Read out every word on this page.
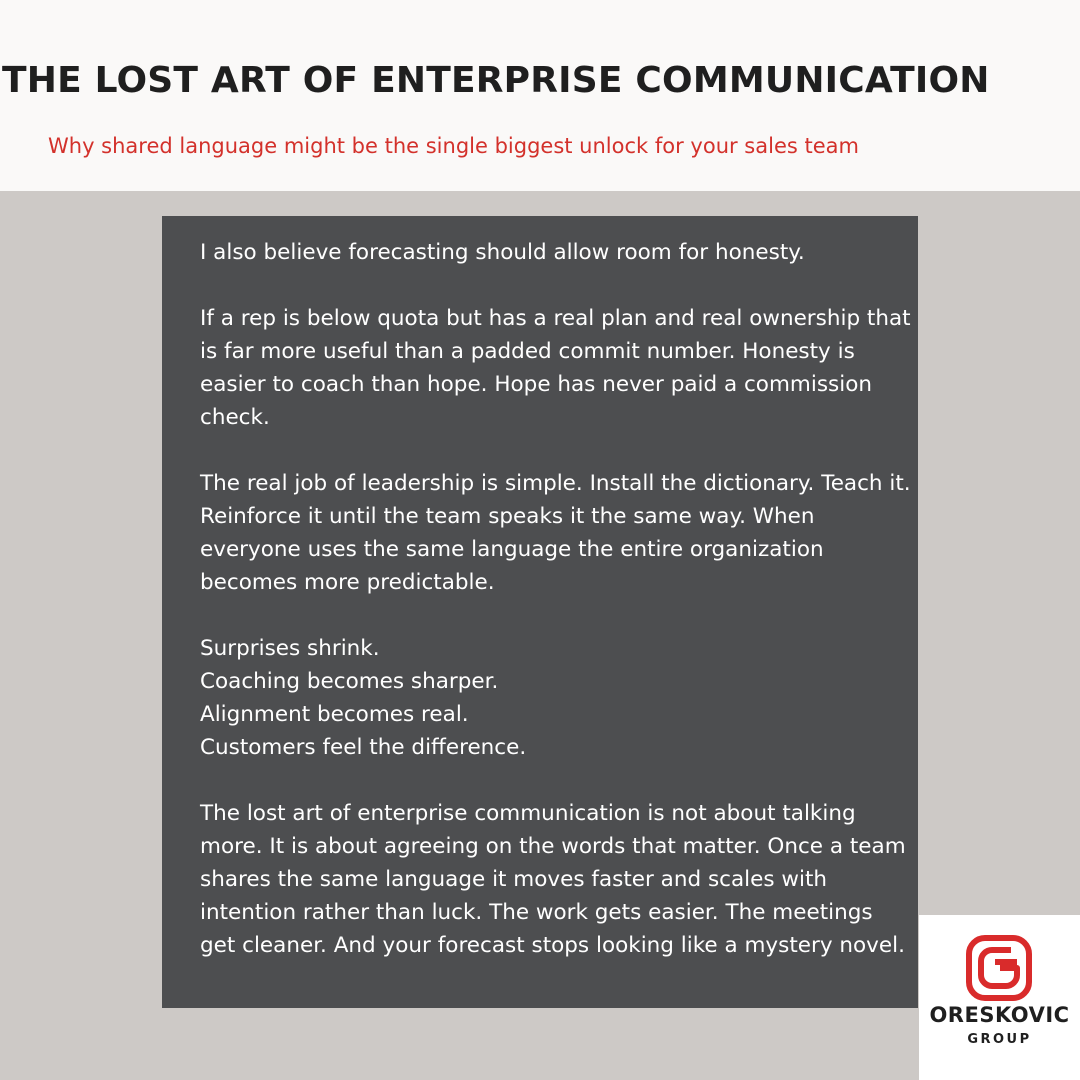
THE LOST ART OF ENTERPRISE COMMUNICATION

Why shared language might be the single biggest unlock for your sales team

I also believe forecasting should allow room for honesty.

If a rep is below quota but has a real plan and real ownership that is far more useful than a padded commit number. Honesty is easier to coach than hope. Hope has never paid a commission check.

The real job of leadership is simple. Install the dictionary. Teach it. Reinforce it until the team speaks it the same way. When everyone uses the same language the entire organization becomes more predictable.

Surprises shrink.
Coaching becomes sharper.
Alignment becomes real.
Customers feel the difference.

The lost art of enterprise communication is not about talking more. It is about agreeing on the words that matter. Once a team shares the same language it moves faster and scales with intention rather than luck. The work gets easier. The meetings get cleaner. And your forecast stops looking like a mystery novel.

ORESKOVIC
GROUP
